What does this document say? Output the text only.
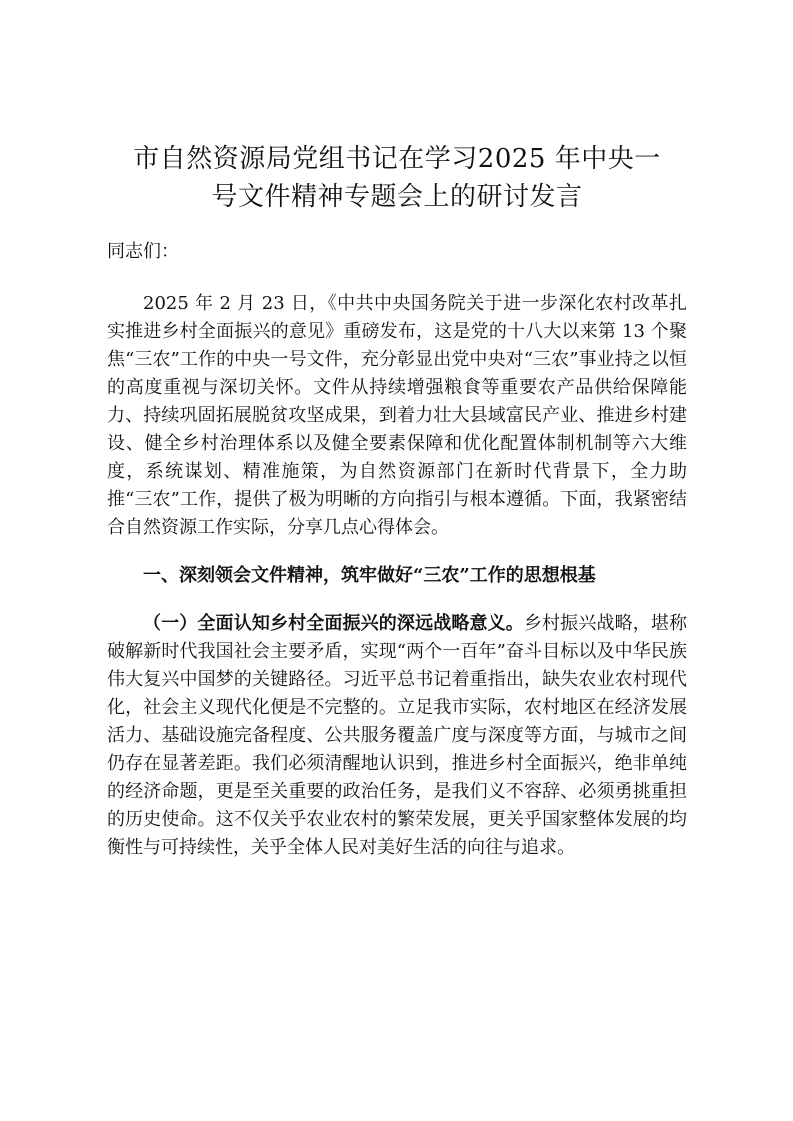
市自然资源局党组书记在学习2025 年中央一
号文件精神专题会上的研讨发言
同志们：

2025 年 2 月 23 日，《中共中央国务院关于进一步深化农村改革扎实推进乡村全面振兴的意见》重磅发布，这是党的十八大以来第 13 个聚焦“三农”工作的中央一号文件，充分彰显出党中央对“三农”事业持之以恒的高度重视与深切关怀。文件从持续增强粮食等重要农产品供给保障能力、持续巩固拓展脱贫攻坚成果，到着力壮大县域富民产业、推进乡村建设、健全乡村治理体系以及健全要素保障和优化配置体制机制等六大维度，系统谋划、精准施策，为自然资源部门在新时代背景下，全力助推“三农”工作，提供了极为明晰的方向指引与根本遵循。下面，我紧密结合自然资源工作实际，分享几点心得体会。

一、深刻领会文件精神，筑牢做好“三农”工作的思想根基

（一）全面认知乡村全面振兴的深远战略意义。乡村振兴战略，堪称破解新时代我国社会主要矛盾，实现“两个一百年”奋斗目标以及中华民族伟大复兴中国梦的关键路径。习近平总书记着重指出，缺失农业农村现代化，社会主义现代化便是不完整的。立足我市实际，农村地区在经济发展活力、基础设施完备程度、公共服务覆盖广度与深度等方面，与城市之间仍存在显著差距。我们必须清醒地认识到，推进乡村全面振兴，绝非单纯的经济命题，更是至关重要的政治任务，是我们义不容辞、必须勇挑重担的历史使命。这不仅关乎农业农村的繁荣发展，更关乎国家整体发展的均衡性与可持续性，关乎全体人民对美好生活的向往与追求。
